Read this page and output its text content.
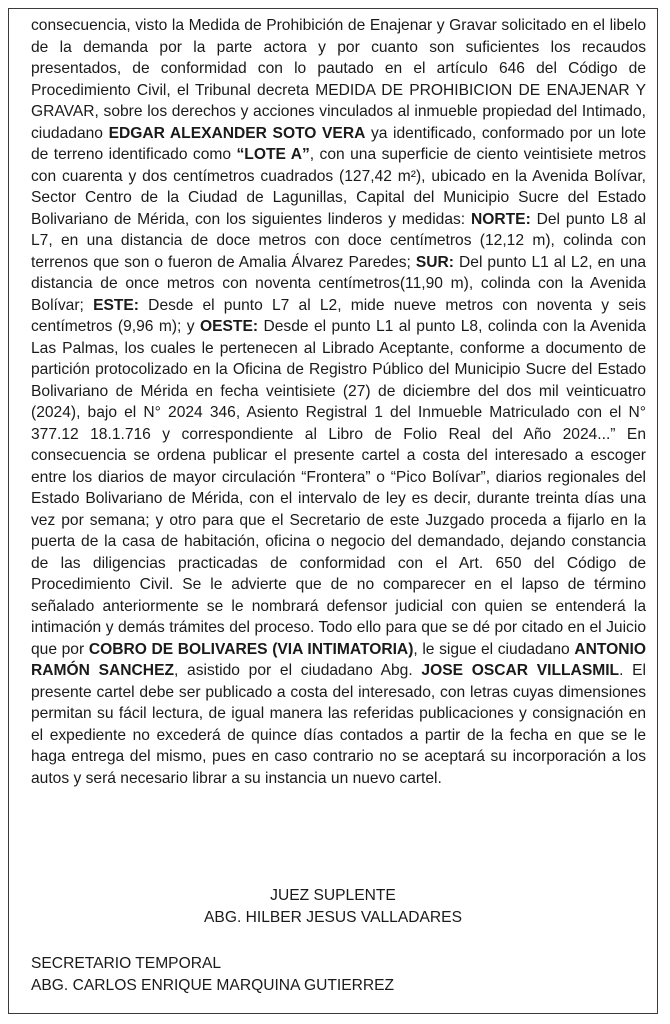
consecuencia, visto la Medida de Prohibición de Enajenar y Gravar solicitado en el libelo de la demanda por la parte actora y por cuanto son suficientes los recaudos presentados, de conformidad con lo pautado en el artículo 646 del Código de Procedimiento Civil, el Tribunal decreta MEDIDA DE PROHIBICION DE ENAJENAR Y GRAVAR, sobre los derechos y acciones vinculados al inmueble propiedad del Intimado, ciudadano EDGAR ALEXANDER SOTO VERA ya identificado, conformado por un lote de terreno identificado como “LOTE A”, con una superficie de ciento veintisiete metros con cuarenta y dos centímetros cuadrados (127,42 m²), ubicado en la Avenida Bolívar, Sector Centro de la Ciudad de Lagunillas, Capital del Municipio Sucre del Estado Bolivariano de Mérida, con los siguientes linderos y medidas: NORTE: Del punto L8 al L7, en una distancia de doce metros con doce centímetros (12,12 m), colinda con terrenos que son o fueron de Amalia Álvarez Paredes; SUR: Del punto L1 al L2, en una distancia de once metros con noventa centímetros(11,90 m), colinda con la Avenida Bolívar; ESTE: Desde el punto L7 al L2, mide nueve metros con noventa y seis centímetros (9,96 m); y OESTE: Desde el punto L1 al punto L8, colinda con la Avenida Las Palmas, los cuales le pertenecen al Librado Aceptante, conforme a documento de partición protocolizado en la Oficina de Registro Público del Municipio Sucre del Estado Bolivariano de Mérida en fecha veintisiete (27) de diciembre del dos mil veinticuatro (2024), bajo el N° 2024 346, Asiento Registral 1 del Inmueble Matriculado con el N° 377.12 18.1.716 y correspondiente al Libro de Folio Real del Año 2024...” En consecuencia se ordena publicar el presente cartel a costa del interesado a escoger entre los diarios de mayor circulación “Frontera” o “Pico Bolívar”, diarios regionales del Estado Bolivariano de Mérida, con el intervalo de ley es decir, durante treinta días una vez por semana; y otro para que el Secretario de este Juzgado proceda a fijarlo en la puerta de la casa de habitación, oficina o negocio del demandado, dejando constancia de las diligencias practicadas de conformidad con el Art. 650 del Código de Procedimiento Civil. Se le advierte que de no comparecer en el lapso de término señalado anteriormente se le nombrará defensor judicial con quien se entenderá la intimación y demás trámites del proceso. Todo ello para que se dé por citado en el Juicio que por COBRO DE BOLIVARES (VIA INTIMATORIA), le sigue el ciudadano ANTONIO RAMÓN SANCHEZ, asistido por el ciudadano Abg. JOSE OSCAR VILLASMIL. El presente cartel debe ser publicado a costa del interesado, con letras cuyas dimensiones permitan su fácil lectura, de igual manera las referidas publicaciones y consignación en el expediente no excederá de quince días contados a partir de la fecha en que se le haga entrega del mismo, pues en caso contrario no se aceptará su incorporación a los autos y será necesario librar a su instancia un nuevo cartel.

JUEZ SUPLENTE
ABG. HILBER JESUS VALLADARES
SECRETARIO TEMPORAL
ABG. CARLOS ENRIQUE MARQUINA GUTIERREZ
